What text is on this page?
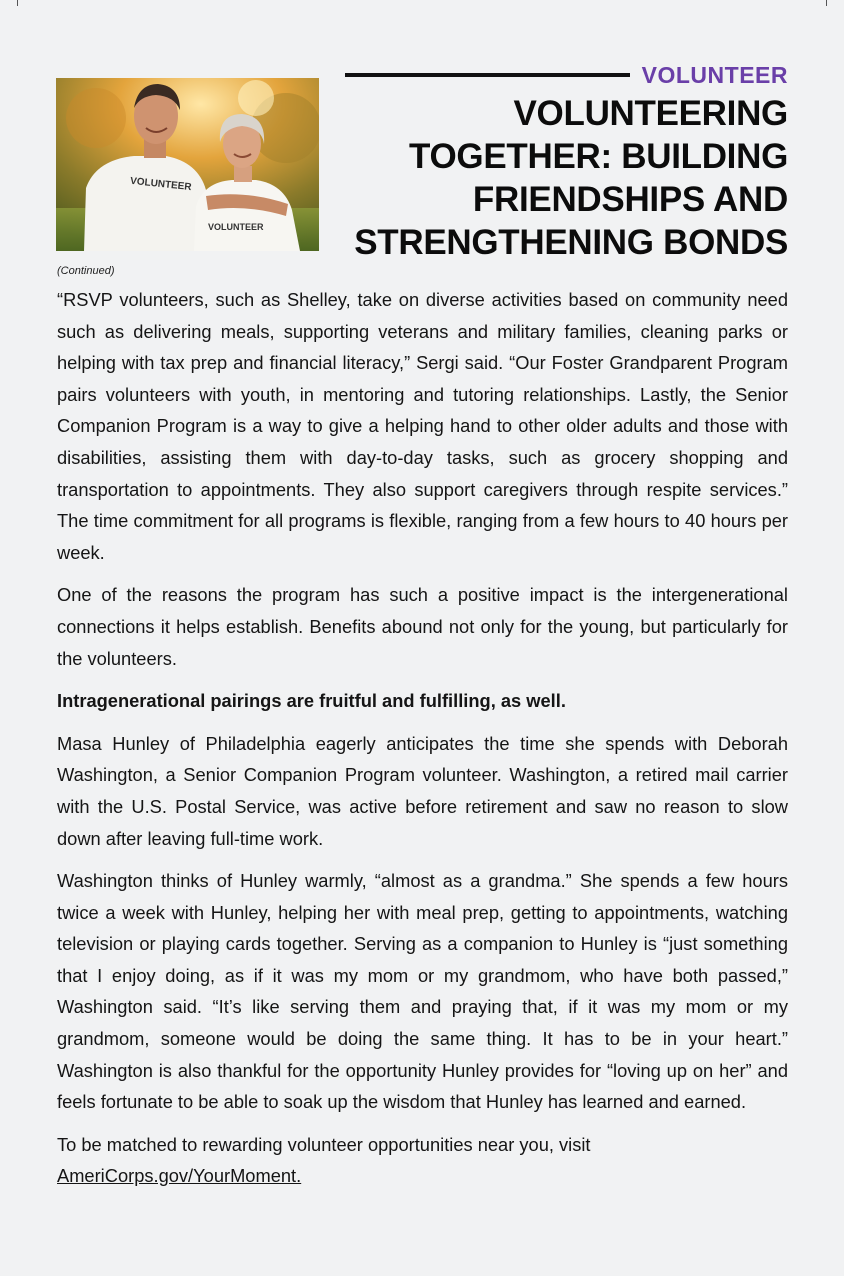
VOLUNTEER
VOLUNTEER
VOLUNTEER
VOLUNTEERING TOGETHER: BUILDING FRIENDSHIPS AND STRENGTHENING BONDS
(Continued)

“RSVP volunteers, such as Shelley, take on diverse activities based on community need such as delivering meals, supporting veterans and military families, cleaning parks or helping with tax prep and financial literacy,” Sergi said. “Our Foster Grandparent Program pairs volunteers with youth, in mentoring and tutoring relationships. Lastly, the Senior Companion Program is a way to give a helping hand to other older adults and those with disabilities, assisting them with day-to-day tasks, such as grocery shopping and transportation to appointments. They also support caregivers through respite services.” The time commitment for all programs is flexible, ranging from a few hours to 40 hours per week.

One of the reasons the program has such a positive impact is the intergenerational connections it helps establish. Benefits abound not only for the young, but particularly for the volunteers.

Intragenerational pairings are fruitful and fulfilling, as well.

Masa Hunley of Philadelphia eagerly anticipates the time she spends with Deborah Washington, a Senior Companion Program volunteer. Washington, a retired mail carrier with the U.S. Postal Service, was active before retirement and saw no reason to slow down after leaving full-time work.

Washington thinks of Hunley warmly, “almost as a grandma.” She spends a few hours twice a week with Hunley, helping her with meal prep, getting to appointments, watching television or playing cards together. Serving as a companion to Hunley is “just something that I enjoy doing, as if it was my mom or my grandmom, who have both passed,” Washington said. “It’s like serving them and praying that, if it was my mom or my grandmom, someone would be doing the same thing. It has to be in your heart.” Washington is also thankful for the opportunity Hunley provides for “loving up on her” and feels fortunate to be able to soak up the wisdom that Hunley has learned and earned.

To be matched to rewarding volunteer opportunities near you, visit
AmeriCorps.gov/YourMoment.
